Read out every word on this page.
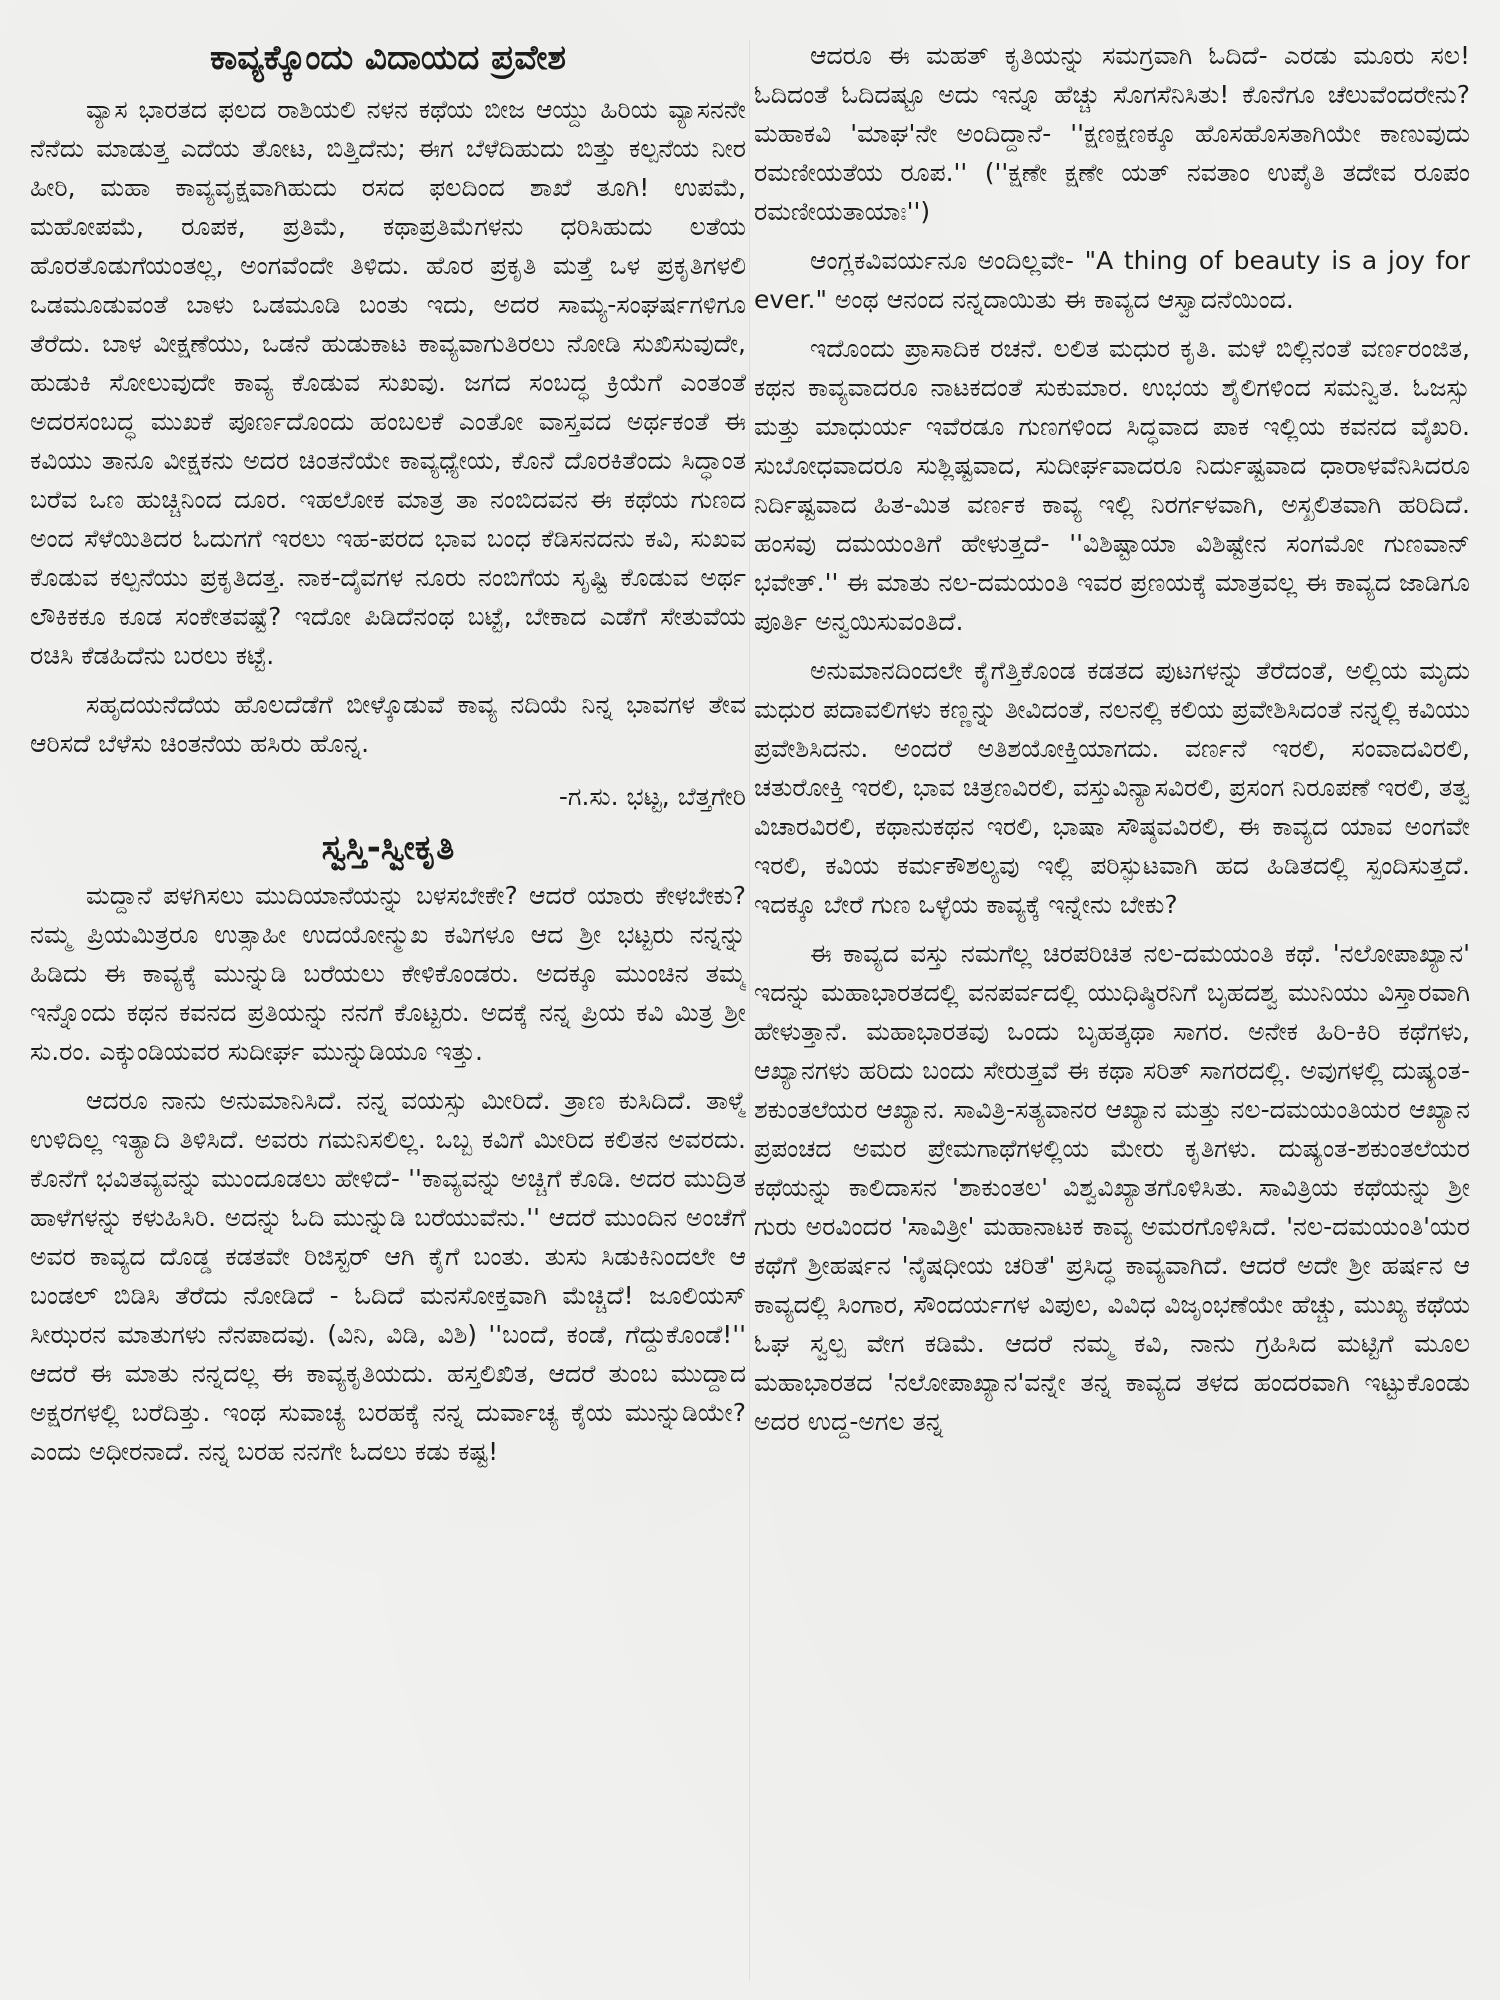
ಕಾವ್ಯಕ್ಕೊಂದು ವಿದಾಯದ ಪ್ರವೇಶ

ವ್ಯಾಸ ಭಾರತದ ಫಲದ ರಾಶಿಯಲಿ ನಳನ ಕಥೆಯ ಬೀಜ ಆಯ್ದು ಹಿರಿಯ ವ್ಯಾಸನನೇ ನೆನೆದು ಮಾಡುತ್ತ ಎದೆಯ ತೋಟ, ಬಿತ್ತಿದೆನು; ಈಗ ಬೆಳೆದಿಹುದು ಬಿತ್ತು ಕಲ್ಪನೆಯ ನೀರ ಹೀರಿ, ಮಹಾ ಕಾವ್ಯವೃಕ್ಷವಾಗಿಹುದು ರಸದ ಫಲದಿಂದ ಶಾಖೆ ತೂಗಿ! ಉಪಮೆ, ಮಹೋಪಮೆ, ರೂಪಕ, ಪ್ರತಿಮೆ, ಕಥಾಪ್ರತಿಮೆಗಳನು ಧರಿಸಿಹುದು ಲತೆಯ ಹೊರತೊಡುಗೆಯಂತಲ್ಲ, ಅಂಗವೆಂದೇ ತಿಳಿದು. ಹೊರ ಪ್ರಕೃತಿ ಮತ್ತೆ ಒಳ ಪ್ರಕೃತಿಗಳಲಿ ಒಡಮೂಡುವಂತೆ ಬಾಳು ಒಡಮೂಡಿ ಬಂತು ಇದು, ಅದರ ಸಾಮ್ಯ-ಸಂಘರ್ಷಗಳಿಗೂ ತೆರೆದು. ಬಾಳ ವೀಕ್ಷಣೆಯು, ಒಡನೆ ಹುಡುಕಾಟ ಕಾವ್ಯವಾಗುತಿರಲು ನೋಡಿ ಸುಖಿಸುವುದೇ, ಹುಡುಕಿ ಸೋಲುವುದೇ ಕಾವ್ಯ ಕೊಡುವ ಸುಖವು. ಜಗದ ಸಂಬದ್ಧ ಕ್ರಿಯೆಗೆ ಎಂತಂತೆ ಅದರಸಂಬದ್ಧ ಮುಖಕೆ ಪೂರ್ಣದೊಂದು ಹಂಬಲಕೆ ಎಂತೋ ವಾಸ್ತವದ ಅರ್ಥಕಂತೆ ಈ ಕವಿಯು ತಾನೂ ವೀಕ್ಷಕನು ಅದರ ಚಿಂತನೆಯೇ ಕಾವ್ಯಧ್ಯೇಯ, ಕೊನೆ ದೊರಕಿತೆಂದು ಸಿದ್ಧಾಂತ ಬರೆವ ಒಣ ಹುಚ್ಚಿನಿಂದ ದೂರ. ಇಹಲೋಕ ಮಾತ್ರ ತಾ ನಂಬಿದವನ ಈ ಕಥೆಯ ಗುಣದ ಅಂದ ಸೆಳೆಯಿತಿದರ ಓದುಗಗೆ ಇರಲು ಇಹ-ಪರದ ಭಾವ ಬಂಧ ಕೆಡಿಸನದನು ಕವಿ, ಸುಖವ ಕೊಡುವ ಕಲ್ಪನೆಯು ಪ್ರಕೃತಿದತ್ತ. ನಾಕ-ದೈವಗಳ ನೂರು ನಂಬಿಗೆಯ ಸೃಷ್ಟಿ ಕೊಡುವ ಅರ್ಥ ಲೌಕಿಕಕೂ ಕೂಡ ಸಂಕೇತವಷ್ಟೆ? ಇದೋ ಪಿಡಿದೆನಂಥ ಬಟ್ಟೆ, ಬೇಕಾದ ಎಡೆಗೆ ಸೇತುವೆಯ ರಚಿಸಿ ಕೆಡಹಿದೆನು ಬರಲು ಕಟ್ಟೆ.

ಸಹೃದಯನೆದೆಯ ಹೊಲದೆಡೆಗೆ ಬೀಳ್ಕೊಡುವೆ ಕಾವ್ಯ ನದಿಯೆ ನಿನ್ನ ಭಾವಗಳ ತೇವ ಆರಿಸದೆ ಬೆಳೆಸು ಚಿಂತನೆಯ ಹಸಿರು ಹೊನ್ನ.

-ಗ.ಸು. ಭಟ್ಟ, ಬೆತ್ತಗೇರಿ

ಸ್ವಸ್ತಿ-ಸ್ವೀಕೃತಿ

ಮದ್ದಾನೆ ಪಳಗಿಸಲು ಮುದಿಯಾನೆಯನ್ನು ಬಳಸಬೇಕೇ? ಆದರೆ ಯಾರು ಕೇಳಬೇಕು? ನಮ್ಮ ಪ್ರಿಯಮಿತ್ರರೂ ಉತ್ಸಾಹೀ ಉದಯೋನ್ಮುಖ ಕವಿಗಳೂ ಆದ ಶ್ರೀ ಭಟ್ಟರು ನನ್ನನ್ನು ಹಿಡಿದು ಈ ಕಾವ್ಯಕ್ಕೆ ಮುನ್ನುಡಿ ಬರೆಯಲು ಕೇಳಿಕೊಂಡರು. ಅದಕ್ಕೂ ಮುಂಚಿನ ತಮ್ಮ ಇನ್ನೊಂದು ಕಥನ ಕವನದ ಪ್ರತಿಯನ್ನು ನನಗೆ ಕೊಟ್ಟರು. ಅದಕ್ಕೆ ನನ್ನ ಪ್ರಿಯ ಕವಿ ಮಿತ್ರ ಶ್ರೀ ಸು.ರಂ. ಎಕ್ಕುಂಡಿಯವರ ಸುದೀರ್ಘ ಮುನ್ನುಡಿಯೂ ಇತ್ತು.

ಆದರೂ ನಾನು ಅನುಮಾನಿಸಿದೆ. ನನ್ನ ವಯಸ್ಸು ಮೀರಿದೆ. ತ್ರಾಣ ಕುಸಿದಿದೆ. ತಾಳ್ಮೆ ಉಳಿದಿಲ್ಲ ಇತ್ಯಾದಿ ತಿಳಿಸಿದೆ. ಅವರು ಗಮನಿಸಲಿಲ್ಲ. ಒಬ್ಬ ಕವಿಗೆ ಮೀರಿದ ಕಲಿತನ ಅವರದು. ಕೊನೆಗೆ ಭವಿತವ್ಯವನ್ನು ಮುಂದೂಡಲು ಹೇಳಿದೆ- ''ಕಾವ್ಯವನ್ನು ಅಚ್ಚಿಗೆ ಕೊಡಿ. ಅದರ ಮುದ್ರಿತ ಹಾಳೆಗಳನ್ನು ಕಳುಹಿಸಿರಿ. ಅದನ್ನು ಓದಿ ಮುನ್ನುಡಿ ಬರೆಯುವೆನು.'' ಆದರೆ ಮುಂದಿನ ಅಂಚೆಗೆ ಅವರ ಕಾವ್ಯದ ದೊಡ್ಡ ಕಡತವೇ ರಿಜಿಸ್ಟರ್ ಆಗಿ ಕೈಗೆ ಬಂತು. ತುಸು ಸಿಡುಕಿನಿಂದಲೇ ಆ ಬಂಡಲ್ ಬಿಡಿಸಿ ತೆರೆದು ನೋಡಿದೆ - ಓದಿದೆ ಮನಸೋಕ್ತವಾಗಿ ಮೆಚ್ಚಿದೆ! ಜೂಲಿಯಸ್ ಸೀಝರನ ಮಾತುಗಳು ನೆನಪಾದವು. (ವಿನಿ, ವಿಡಿ, ವಿಶಿ) ''ಬಂದೆ, ಕಂಡೆ, ಗೆದ್ದುಕೊಂಡೆ!'' ಆದರೆ ಈ ಮಾತು ನನ್ನದಲ್ಲ ಈ ಕಾವ್ಯಕೃತಿಯದು. ಹಸ್ತಲಿಖಿತ, ಆದರೆ ತುಂಬ ಮುದ್ದಾದ ಅಕ್ಷರಗಳಲ್ಲಿ ಬರೆದಿತ್ತು. ಇಂಥ ಸುವಾಚ್ಯ ಬರಹಕ್ಕೆ ನನ್ನ ದುರ್ವಾಚ್ಯ ಕೈಯ ಮುನ್ನುಡಿಯೇ? ಎಂದು ಅಧೀರನಾದೆ. ನನ್ನ ಬರಹ ನನಗೇ ಓದಲು ಕಡು ಕಷ್ಟ!

ಆದರೂ ಈ ಮಹತ್ ಕೃತಿಯನ್ನು ಸಮಗ್ರವಾಗಿ ಓದಿದೆ- ಎರಡು ಮೂರು ಸಲ! ಓದಿದಂತೆ ಓದಿದಷ್ಟೂ ಅದು ಇನ್ನೂ ಹೆಚ್ಚು ಸೊಗಸೆನಿಸಿತು! ಕೊನೆಗೂ ಚೆಲುವೆಂದರೇನು? ಮಹಾಕವಿ 'ಮಾಘ'ನೇ ಅಂದಿದ್ದಾನೆ- ''ಕ್ಷಣಕ್ಷಣಕ್ಕೂ ಹೊಸಹೊಸತಾಗಿಯೇ ಕಾಣುವುದು ರಮಣೀಯತೆಯ ರೂಪ.'' (''ಕ್ಷಣೇ ಕ್ಷಣೇ ಯತ್ ನವತಾಂ ಉಪೈತಿ ತದೇವ ರೂಪಂ ರಮಣೀಯತಾಯಾಃ'')

ಆಂಗ್ಲಕವಿವರ್ಯನೂ ಅಂದಿಲ್ಲವೇ- "A thing of beauty is a joy for ever." ಅಂಥ ಆನಂದ ನನ್ನದಾಯಿತು ಈ ಕಾವ್ಯದ ಆಸ್ವಾದನೆಯಿಂದ.

ಇದೊಂದು ಪ್ರಾಸಾದಿಕ ರಚನೆ. ಲಲಿತ ಮಧುರ ಕೃತಿ. ಮಳೆ ಬಿಲ್ಲಿನಂತೆ ವರ್ಣರಂಜಿತ, ಕಥನ ಕಾವ್ಯವಾದರೂ ನಾಟಕದಂತೆ ಸುಕುಮಾರ. ಉಭಯ ಶೈಲಿಗಳಿಂದ ಸಮನ್ವಿತ. ಓಜಸ್ಸು ಮತ್ತು ಮಾಧುರ್ಯ ಇವೆರಡೂ ಗುಣಗಳಿಂದ ಸಿದ್ಧವಾದ ಪಾಕ ಇಲ್ಲಿಯ ಕವನದ ವೈಖರಿ. ಸುಬೋಧವಾದರೂ ಸುಶ್ಲಿಷ್ಟವಾದ, ಸುದೀರ್ಘವಾದರೂ ನಿರ್ದುಷ್ಟವಾದ ಧಾರಾಳವೆನಿಸಿದರೂ ನಿರ್ದಿಷ್ಟವಾದ ಹಿತ-ಮಿತ ವರ್ಣಕ ಕಾವ್ಯ ಇಲ್ಲಿ ನಿರರ್ಗಳವಾಗಿ, ಅಸ್ಖಲಿತವಾಗಿ ಹರಿದಿದೆ. ಹಂಸವು ದಮಯಂತಿಗೆ ಹೇಳುತ್ತದೆ- ''ವಿಶಿಷ್ಟಾಯಾ ವಿಶಿಷ್ಟೇನ ಸಂಗಮೋ ಗುಣವಾನ್ ಭವೇತ್.'' ಈ ಮಾತು ನಲ-ದಮಯಂತಿ ಇವರ ಪ್ರಣಯಕ್ಕೆ ಮಾತ್ರವಲ್ಲ ಈ ಕಾವ್ಯದ ಜಾಡಿಗೂ ಪೂರ್ತಿ ಅನ್ವಯಿಸುವಂತಿದೆ.

ಅನುಮಾನದಿಂದಲೇ ಕೈಗೆತ್ತಿಕೊಂಡ ಕಡತದ ಪುಟಗಳನ್ನು ತೆರೆದಂತೆ, ಅಲ್ಲಿಯ ಮೃದು ಮಧುರ ಪದಾವಲಿಗಳು ಕಣ್ಣನ್ನು ತೀವಿದಂತೆ, ನಲನಲ್ಲಿ ಕಲಿಯ ಪ್ರವೇಶಿಸಿದಂತೆ ನನ್ನಲ್ಲಿ ಕವಿಯು ಪ್ರವೇಶಿಸಿದನು. ಅಂದರೆ ಅತಿಶಯೋಕ್ತಿಯಾಗದು. ವರ್ಣನೆ ಇರಲಿ, ಸಂವಾದವಿರಲಿ, ಚತುರೋಕ್ತಿ ಇರಲಿ, ಭಾವ ಚಿತ್ರಣವಿರಲಿ, ವಸ್ತುವಿನ್ಯಾಸವಿರಲಿ, ಪ್ರಸಂಗ ನಿರೂಪಣೆ ಇರಲಿ, ತತ್ವ ವಿಚಾರವಿರಲಿ, ಕಥಾನುಕಥನ ಇರಲಿ, ಭಾಷಾ ಸೌಷ್ಠವವಿರಲಿ, ಈ ಕಾವ್ಯದ ಯಾವ ಅಂಗವೇ ಇರಲಿ, ಕವಿಯ ಕರ್ಮಕೌಶಲ್ಯವು ಇಲ್ಲಿ ಪರಿಸ್ಫುಟವಾಗಿ ಹದ ಹಿಡಿತದಲ್ಲಿ ಸ್ಪಂದಿಸುತ್ತದೆ. ಇದಕ್ಕೂ ಬೇರೆ ಗುಣ ಒಳ್ಳೆಯ ಕಾವ್ಯಕ್ಕೆ ಇನ್ನೇನು ಬೇಕು?

ಈ ಕಾವ್ಯದ ವಸ್ತು ನಮಗೆಲ್ಲ ಚಿರಪರಿಚಿತ ನಲ-ದಮಯಂತಿ ಕಥೆ. 'ನಲೋಪಾಖ್ಯಾನ' ಇದನ್ನು ಮಹಾಭಾರತದಲ್ಲಿ ವನಪರ್ವದಲ್ಲಿ ಯುಧಿಷ್ಠಿರನಿಗೆ ಬೃಹದಶ್ವ ಮುನಿಯು ವಿಸ್ತಾರವಾಗಿ ಹೇಳುತ್ತಾನೆ. ಮಹಾಭಾರತವು ಒಂದು ಬೃಹತ್ಕಥಾ ಸಾಗರ. ಅನೇಕ ಹಿರಿ-ಕಿರಿ ಕಥೆಗಳು, ಆಖ್ಯಾನಗಳು ಹರಿದು ಬಂದು ಸೇರುತ್ತವೆ ಈ ಕಥಾ ಸರಿತ್ ಸಾಗರದಲ್ಲಿ. ಅವುಗಳಲ್ಲಿ ದುಷ್ಯಂತ-ಶಕುಂತಲೆಯರ ಆಖ್ಯಾನ. ಸಾವಿತ್ರಿ-ಸತ್ಯವಾನರ ಆಖ್ಯಾನ ಮತ್ತು ನಲ-ದಮಯಂತಿಯರ ಆಖ್ಯಾನ ಪ್ರಪಂಚದ ಅಮರ ಪ್ರೇಮಗಾಥೆಗಳಲ್ಲಿಯ ಮೇರು ಕೃತಿಗಳು. ದುಷ್ಯಂತ-ಶಕುಂತಲೆಯರ ಕಥೆಯನ್ನು ಕಾಲಿದಾಸನ 'ಶಾಕುಂತಲ' ವಿಶ್ವವಿಖ್ಯಾತಗೊಳಿಸಿತು. ಸಾವಿತ್ರಿಯ ಕಥೆಯನ್ನು ಶ್ರೀ ಗುರು ಅರವಿಂದರ 'ಸಾವಿತ್ರೀ' ಮಹಾನಾಟಕ ಕಾವ್ಯ ಅಮರಗೊಳಿಸಿದೆ. 'ನಲ-ದಮಯಂತಿ'ಯರ ಕಥೆಗೆ ಶ್ರೀಹರ್ಷನ 'ನೈಷಧೀಯ ಚರಿತೆ' ಪ್ರಸಿದ್ಧ ಕಾವ್ಯವಾಗಿದೆ. ಆದರೆ ಅದೇ ಶ್ರೀ ಹರ್ಷನ ಆ ಕಾವ್ಯದಲ್ಲಿ ಸಿಂಗಾರ, ಸೌಂದರ್ಯಗಳ ವಿಪುಲ, ವಿವಿಧ ವಿಜೃಂಭಣೆಯೇ ಹೆಚ್ಚು, ಮುಖ್ಯ ಕಥೆಯ ಓಘ ಸ್ವಲ್ಪ ವೇಗ ಕಡಿಮೆ. ಆದರೆ ನಮ್ಮ ಕವಿ, ನಾನು ಗ್ರಹಿಸಿದ ಮಟ್ಟಿಗೆ ಮೂಲ ಮಹಾಭಾರತದ 'ನಲೋಪಾಖ್ಯಾನ'ವನ್ನೇ ತನ್ನ ಕಾವ್ಯದ ತಳದ ಹಂದರವಾಗಿ ಇಟ್ಟುಕೊಂಡು ಅದರ ಉದ್ದ-ಅಗಲ ತನ್ನ
